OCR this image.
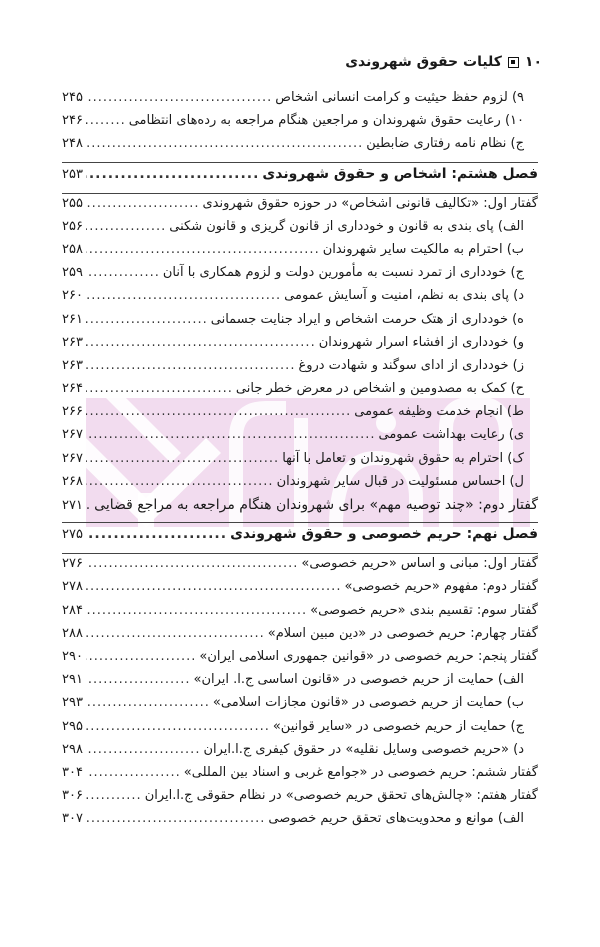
۱۰
کلیات حقوق شهروندی
۹) لزوم حفظ حیثیت و کرامت انسانی اشخاص
.....
۲۴۵
۱۰) رعایت حقوق شهروندان و مراجعین هنگام مراجعه به رده‌های انتظامی
.....
۲۴۶
ج) نظام نامه رفتاری ضابطین
.....
۲۴۸
فصل هشتم: اشخاص و حقوق شهروندی
.....
۲۵۳
گفتار اول: «تکالیف قانونی اشخاص» در حوزه حقوق شهروندی
.....
۲۵۵
الف) پای بندی به قانون و خودداری از قانون گریزی و قانون شکنی
.....
۲۵۶
ب) احترام به مالکیت سایر شهروندان
.....
۲۵۸
ج) خودداری از تمرد نسبت به مأمورین دولت و لزوم همکاری با آنان
.....
۲۵۹
د) پای بندی به نظم، امنیت و آسایش عمومی
.....
۲۶۰
ه) خودداری از هتک حرمت اشخاص و ایراد جنایت جسمانی
.....
۲۶۱
و) خودداری از افشاء اسرار شهروندان
.....
۲۶۳
ز) خودداری از ادای سوگند و شهادت دروغ
.....
۲۶۳
ح) کمک به مصدومین و اشخاص در معرض خطر جانی
.....
۲۶۴
ط) انجام خدمت وظیفه عمومی
.....
۲۶۶
ی) رعایت بهداشت عمومی
.....
۲۶۷
ک) احترام به حقوق شهروندان و تعامل با آنها
.....
۲۶۷
ل) احساس مسئولیت در قبال سایر شهروندان
.....
۲۶۸
گفتار دوم: «چند توصیه مهم» برای شهروندان هنگام مراجعه به مراجع قضایی
.....
۲۷۱
فصل نهم: حریم خصوصی و حقوق شهروندی
.....
۲۷۵
گفتار اول: مبانی و اساس «حریم خصوصی»
.....
۲۷۶
گفتار دوم: مفهوم «حریم خصوصی»
.....
۲۷۸
گفتار سوم: تقسیم بندی «حریم خصوصی»
.....
۲۸۴
گفتار چهارم: حریم خصوصی در «دین مبین اسلام»
.....
۲۸۸
گفتار پنجم: حریم خصوصی در «قوانین جمهوری اسلامی ایران»
.....
۲۹۰
الف) حمایت از حریم خصوصی در «قانون اساسی ج.ا. ایران»
.....
۲۹۱
ب) حمایت از حریم خصوصی در «قانون مجازات اسلامی»
.....
۲۹۳
ج) حمایت از حریم خصوصی در «سایر قوانین»
.....
۲۹۵
د) «حریم خصوصی وسایل نقلیه» در حقوق کیفری ج.ا.ایران
.....
۲۹۸
گفتار ششم: حریم خصوصی در «جوامع غربی و اسناد بین المللی»
.....
۳۰۴
گفتار هفتم: «چالش‌های تحقق حریم خصوصی» در نظام حقوقی ج.ا.ایران
.....
۳۰۶
الف) موانع و محدویت‌های تحقق حریم خصوصی
.....
۳۰۷
